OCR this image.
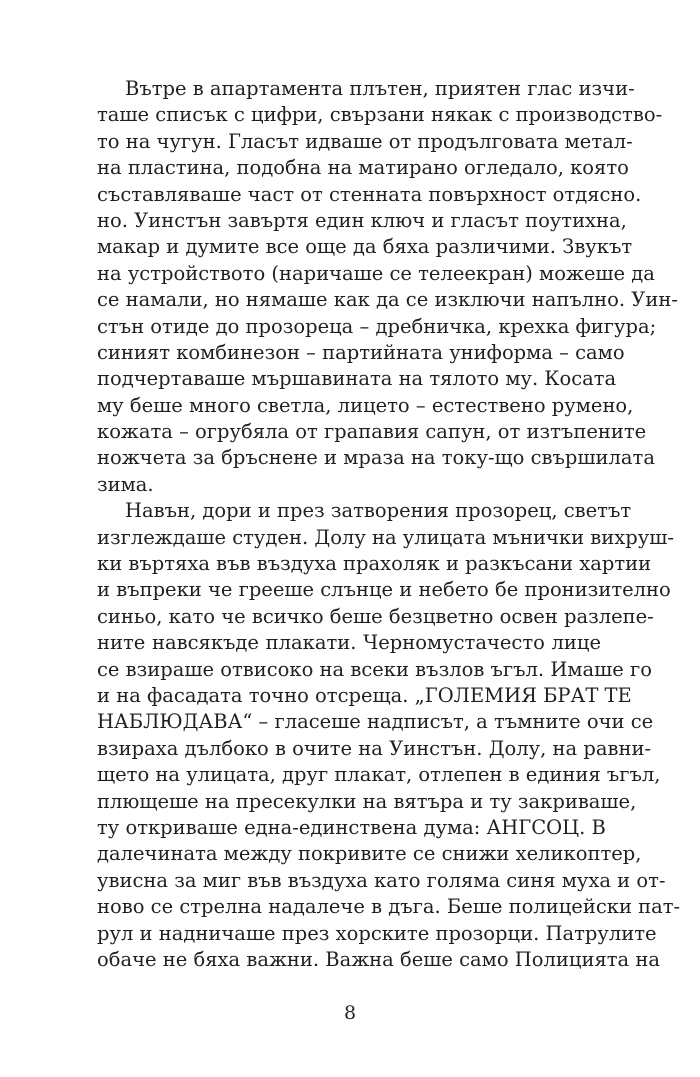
Вътре в апартамента плътен, приятен глас изчи-
таше списък с цифри, свързани някак с производство-
то на чугун. Гласът идваше от продълговата метал-
на пластина, подобна на матирано огледало, която
съставляваше част от стенната повърхност отдясно.
но. Уинстън завъртя един ключ и гласът поутихна,
макар и думите все още да бяха различими. Звукът
на устройството (наричаше се телеекран) можеше да
се намали, но нямаше как да се изключи напълно. Уин-
стън отиде до прозореца – дребничка, крехка фигура;
синият комбинезон – партийната униформа – само
подчертаваше мършавината на тялото му. Косата
му беше много светла, лицето – естествено румено,
кожата – огрубяла от грапавия сапун, от изтъпените
ножчета за бръснене и мраза на току-що свършилата
зима.
Навън, дори и през затворения прозорец, светът
изглеждаше студен. Долу на улицата мънички вихруш-
ки въртяха във въздуха прахоляк и разкъсани хартии
и въпреки че грееше слънце и небето бе пронизително
синьо, като че всичко беше безцветно освен разлепе-
ните навсякъде плакати. Черномустачесто лице
се взираше отвисоко на всеки възлов ъгъл. Имаше го
и на фасадата точно отсреща. „ГОЛЕМИЯ БРАТ ТЕ
НАБЛЮДАВА“ – гласеше надписът, а тъмните очи се
взираха дълбоко в очите на Уинстън. Долу, на равни-
щето на улицата, друг плакат, отлепен в единия ъгъл,
плющеше на пресекулки на вятъра и ту закриваше,
ту откриваше една-единствена дума: АНГСОЦ. В
далечината между покривите се снижи хеликоптер,
увисна за миг във въздуха като голяма синя муха и от-
ново се стрелна надалече в дъга. Беше полицейски пат-
рул и надничаше през хорските прозорци. Патрулите
обаче не бяха важни. Важна беше само Полицията на
8
